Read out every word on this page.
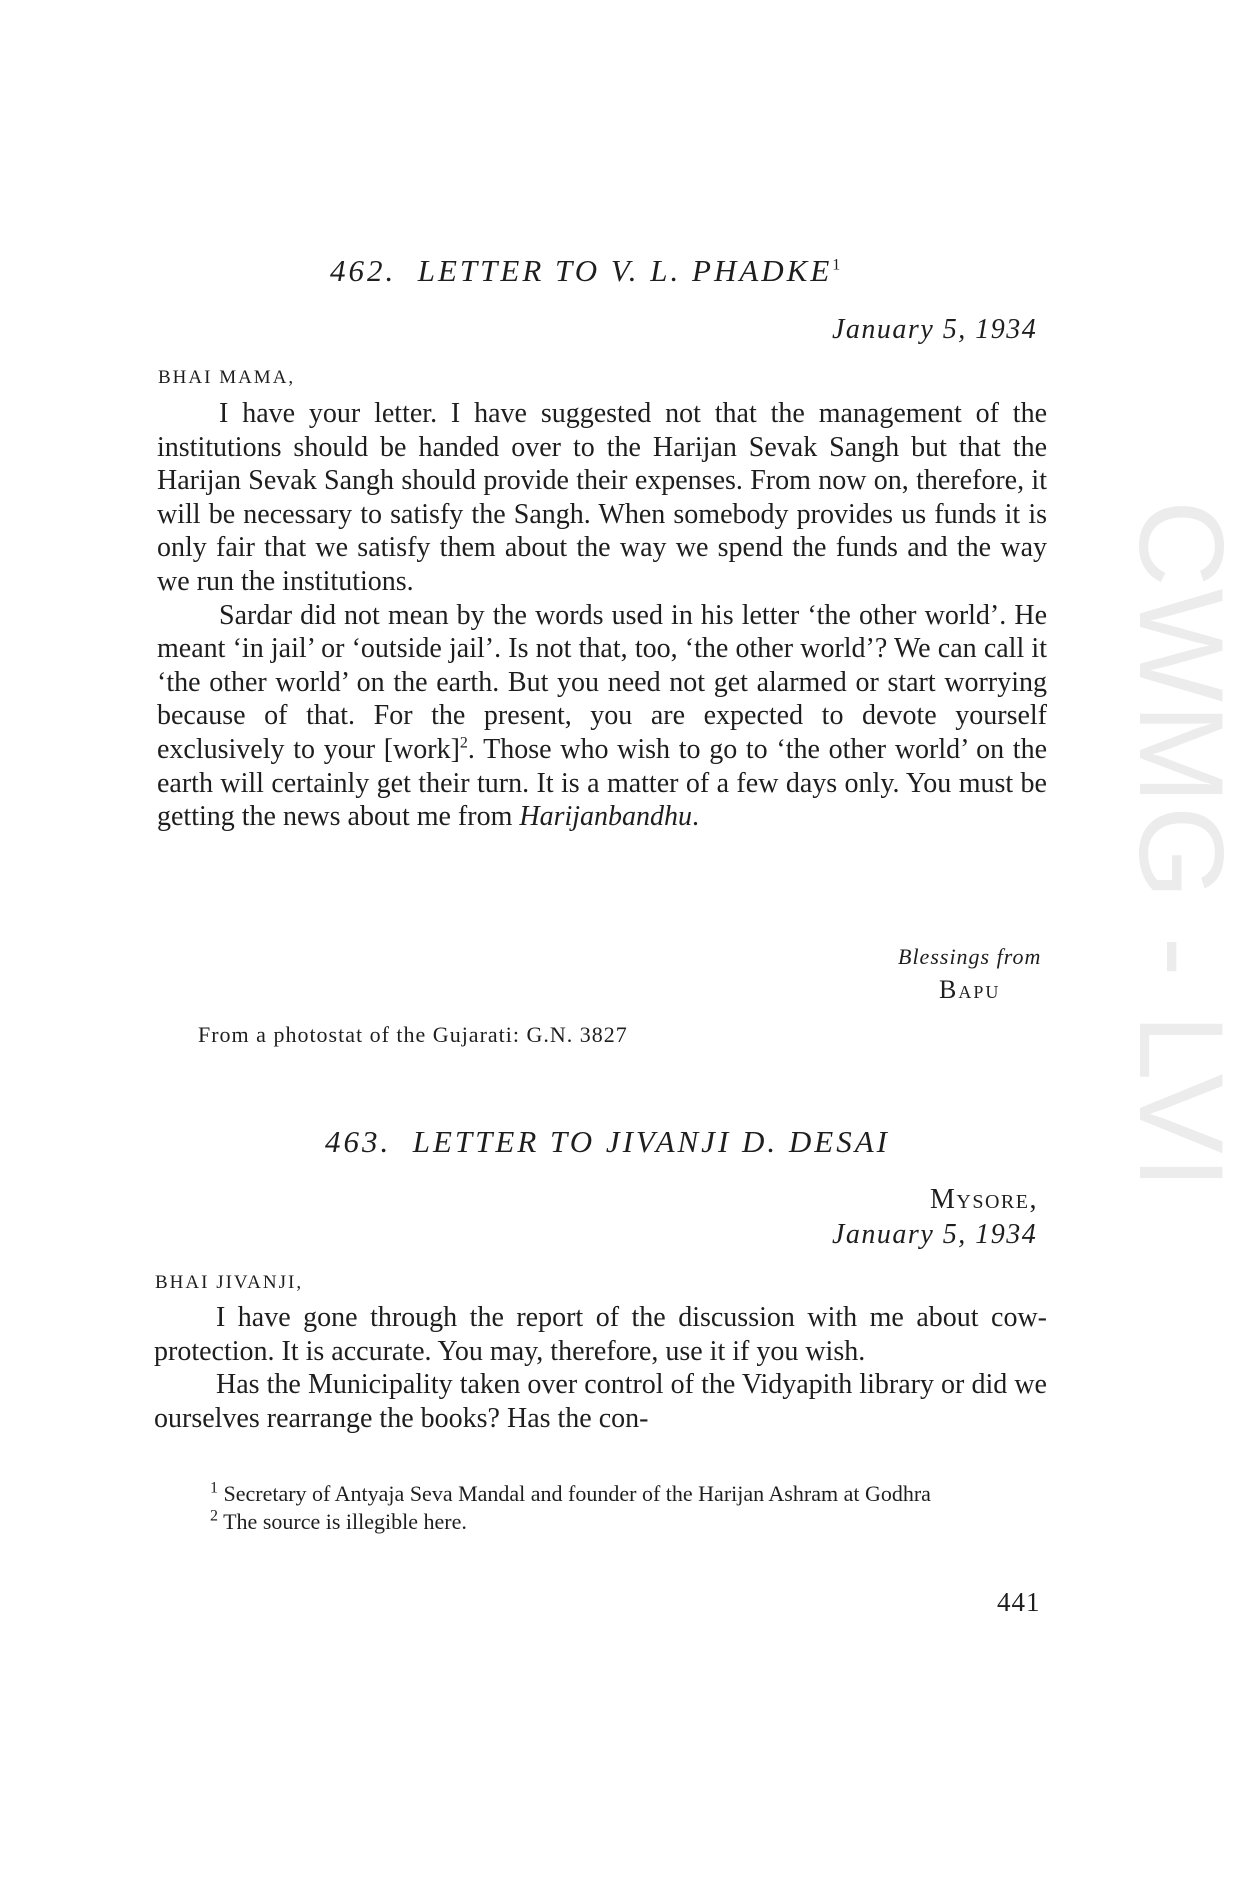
CWMG - LVI
462. LETTER TO V. L. PHADKE$^1$
January 5, 1934
BHAI MAMA,

I have your letter. I have suggested not that the management of the institutions should be handed over to the Harijan Sevak Sangh but that the Harijan Sevak Sangh should provide their expenses. From now on, therefore, it will be necessary to satisfy the Sangh. When somebody provides us funds it is only fair that we satisfy them about the way we spend the funds and the way we run the institutions.

Sardar did not mean by the words used in his letter ‘the other world’. He meant ‘in jail’ or ‘outside jail’. Is not that, too, ‘the other world’? We can call it ‘the other world’ on the earth. But you need not get alarmed or start worrying because of that. For the present, you are expected to devote yourself exclusively to your [work]$^2$. Those who wish to go to ‘the other world’ on the earth will certainly get their turn. It is a matter of a few days only. You must be getting the news about me from Harijanbandhu.

Blessings from
Bapu
From a photostat of the Gujarati: G.N. 3827
463. LETTER TO JIVANJI D. DESAI
Mysore,
January 5, 1934
BHAI JIVANJI,

I have gone through the report of the discussion with me about cow-protection. It is accurate. You may, therefore, use it if you wish.

Has the Municipality taken over control of the Vidyapith library or did we ourselves rearrange the books? Has the con-

$^1$ Secretary of Antyaja Seva Mandal and founder of the Harijan Ashram at Godhra

$^2$ The source is illegible here.

441
